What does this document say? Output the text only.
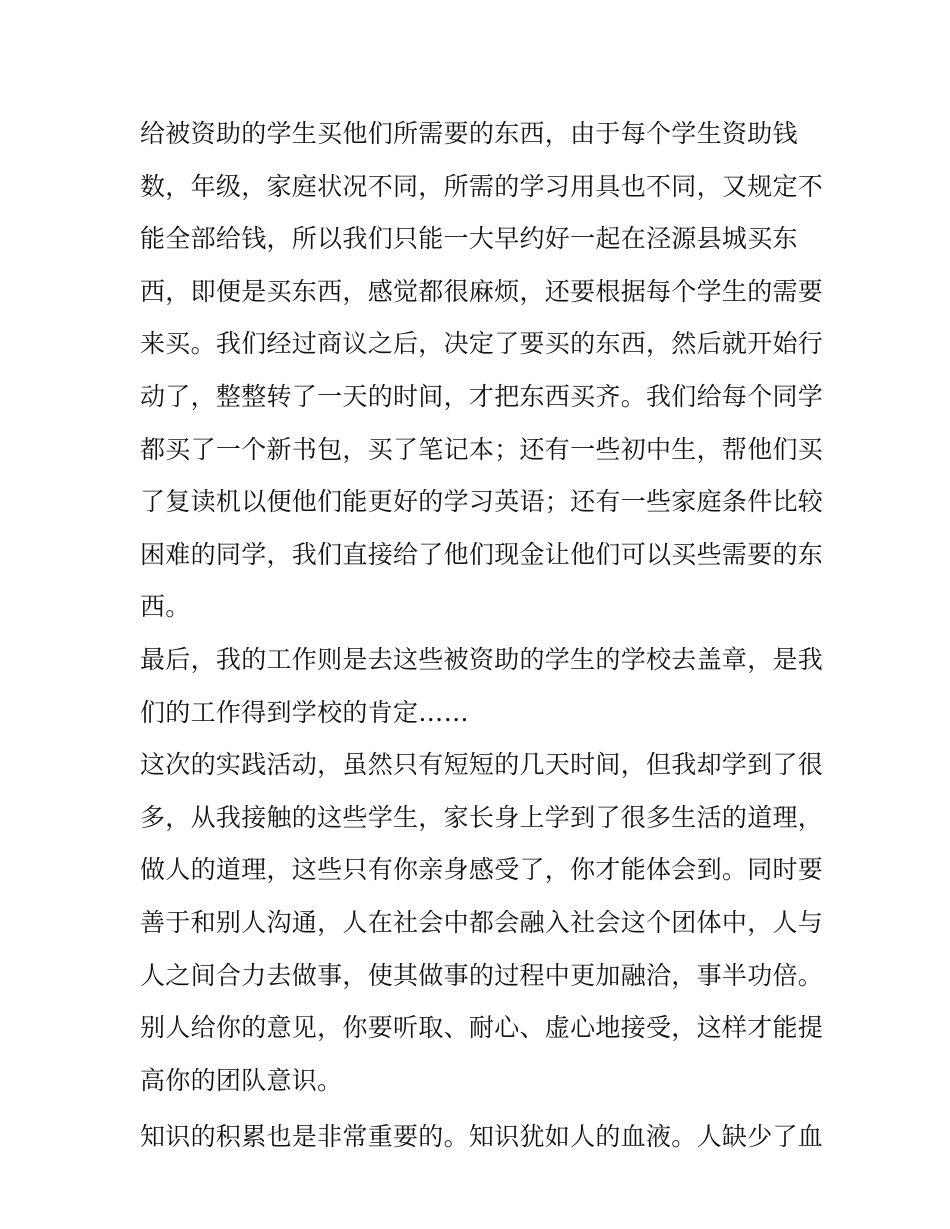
给被资助的学生买他们所需要的东西，由于每个学生资助钱
数，年级，家庭状况不同，所需的学习用具也不同，又规定不
能全部给钱，所以我们只能一大早约好一起在泾源县城买东
西，即便是买东西，感觉都很麻烦，还要根据每个学生的需要
来买。我们经过商议之后，决定了要买的东西，然后就开始行
动了，整整转了一天的时间，才把东西买齐。我们给每个同学
都买了一个新书包，买了笔记本；还有一些初中生，帮他们买
了复读机以便他们能更好的学习英语；还有一些家庭条件比较
困难的同学，我们直接给了他们现金让他们可以买些需要的东
西。
最后，我的工作则是去这些被资助的学生的学校去盖章，是我
们的工作得到学校的肯定……
这次的实践活动，虽然只有短短的几天时间，但我却学到了很
多，从我接触的这些学生，家长身上学到了很多生活的道理，
做人的道理，这些只有你亲身感受了，你才能体会到。同时要
善于和别人沟通，人在社会中都会融入社会这个团体中，人与
人之间合力去做事，使其做事的过程中更加融洽，事半功倍。
别人给你的意见，你要听取、耐心、虚心地接受，这样才能提
高你的团队意识。
知识的积累也是非常重要的。知识犹如人的血液。人缺少了血
